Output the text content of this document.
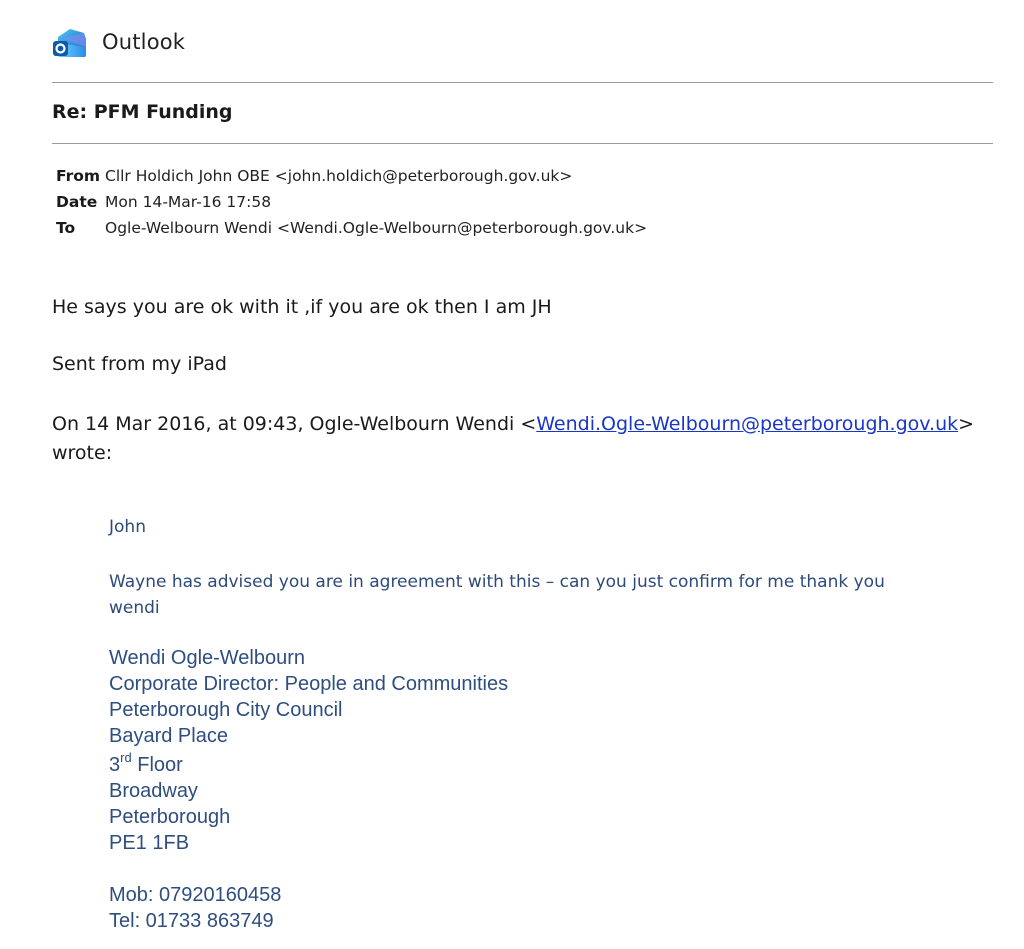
Outlook
Re: PFM Funding
From Cllr Holdich John OBE <john.holdich@peterborough.gov.uk>
Date Mon 14-Mar-16 17:58
To	Ogle-Welbourn Wendi <Wendi.Ogle-Welbourn@peterborough.gov.uk>
He says you are ok with it ,if you are ok then I am JH
Sent from my iPad
On 14 Mar 2016, at 09:43, Ogle-Welbourn Wendi <Wendi.Ogle-Welbourn@peterborough.gov.uk>
wrote:
John
Wayne has advised you are in agreement with this – can you just confirm for me thank you
wendi
Wendi Ogle-Welbourn
Corporate Director: People and Communities
Peterborough City Council
Bayard Place
3rd Floor
Broadway
Peterborough
PE1 1FB
Mob: 07920160458
Tel: 01733 863749
